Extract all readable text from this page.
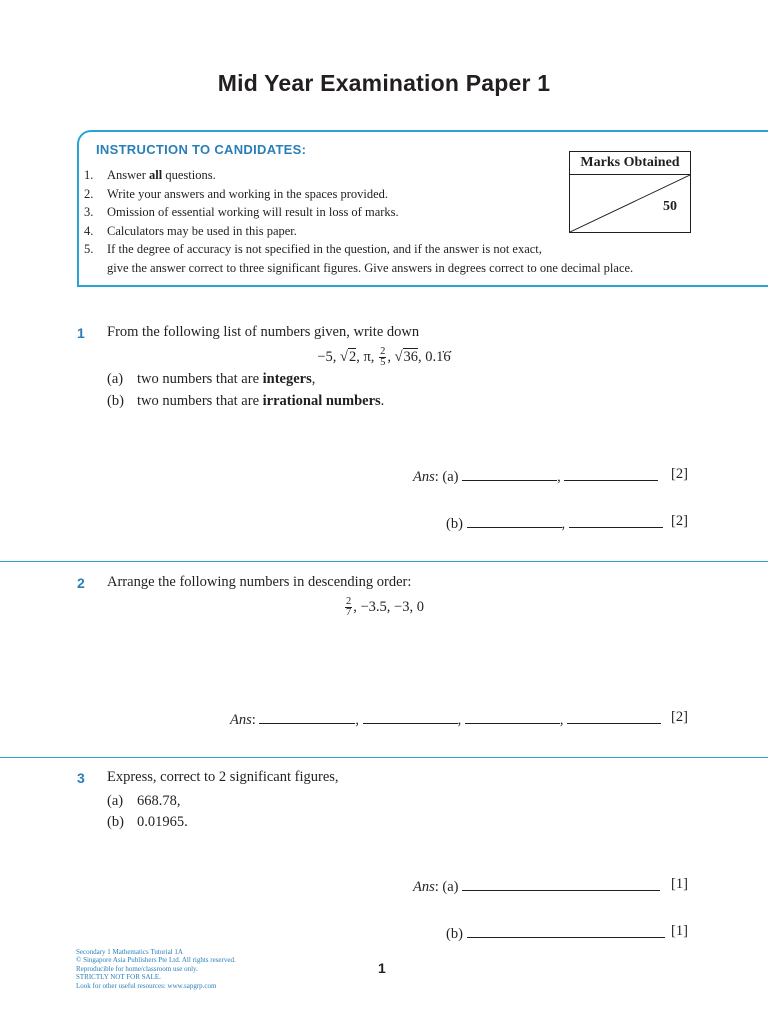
Mid Year Examination Paper 1
INSTRUCTION TO CANDIDATES:
1. Answer all questions.
2. Write your answers and working in the spaces provided.
3. Omission of essential working will result in loss of marks.
4. Calculators may be used in this paper.
5. If the degree of accuracy is not specified in the question, and if the answer is not exact,
give the answer correct to three significant figures. Give answers in degrees correct to one decimal place.
Marks Obtained
50
1 From the following list of numbers given, write down
−5, √2, π, $\frac{2}{5}$ , √36, 0.1̇6̇
(a) two numbers that are integers,
(b) two numbers that are irrational numbers.
Ans: (a)	,	[2]
(b)	,	[2]
2 Arrange the following numbers in descending order:
$\frac{2}{7}$ , −3.5, −3, 0
Ans:	,	,	,	[2]
3 Express, correct to 2 significant figures,
(a) 668.78,
(b) 0.01965.
Ans: (a)	[1]
(b)	[1]
Secondary 1 Mathematics Tutorial 1A
© Singapore Asia Publishers Pte Ltd. All rights reserved.
Reproducible for home/classroom use only.
STRICTLY NOT FOR SALE.
Look for other useful resources: www.sapgrp.com
1
